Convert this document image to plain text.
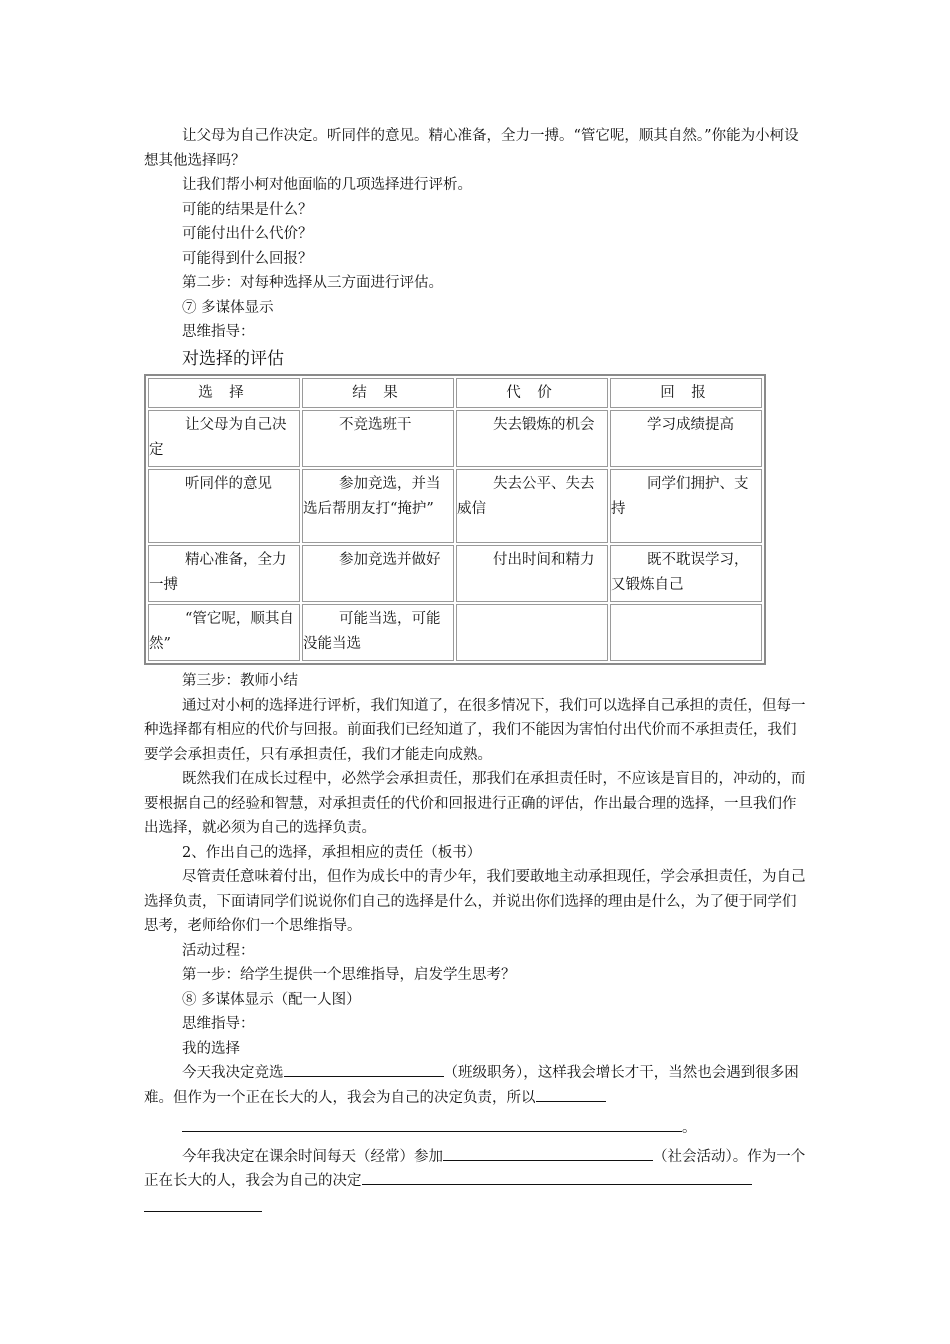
让父母为自己作决定。听同伴的意见。精心准备，全力一搏。“管它呢，顺其自然。”你能为小柯设想其他选择吗？

让我们帮小柯对他面临的几项选择进行评析。

可能的结果是什么？

可能付出什么代价？

可能得到什么回报？

第二步：对每种选择从三方面进行评估。

⑦ 多谋体显示

思维指导：

对选择的评估
选 择	结 果	代 价	回 报
让父母为自己决定	不竞选班干	失去锻炼的机会	学习成绩提高
听同伴的意见	参加竞选，并当选后帮朋友打“掩护”	失去公平、失去威信	同学们拥护、支持
精心准备，全力一搏	参加竞选并做好	付出时间和精力	既不耽误学习，又锻炼自己
“管它呢，顺其自然”	可能当选，可能没能当选		

第三步：教师小结

通过对小柯的选择进行评析，我们知道了，在很多情况下，我们可以选择自己承担的责任，但每一种选择都有相应的代价与回报。前面我们已经知道了，我们不能因为害怕付出代价而不承担责任，我们要学会承担责任，只有承担责任，我们才能走向成熟。

既然我们在成长过程中，必然学会承担责任，那我们在承担责任时，不应该是盲目的，冲动的，而要根据自己的经验和智慧，对承担责任的代价和回报进行正确的评估，作出最合理的选择，一旦我们作出选择，就必须为自己的选择负责。

2、作出自己的选择，承担相应的责任（板书）

尽管责任意味着付出，但作为成长中的青少年，我们要敢地主动承担现任，学会承担责任，为自己选择负责，下面请同学们说说你们自己的选择是什么，并说出你们选择的理由是什么，为了便于同学们思考，老师给你们一个思维指导。

活动过程：

第一步：给学生提供一个思维指导，启发学生思考？

⑧ 多谋体显示（配一人图）

思维指导：

我的选择

今天我决定竞选	（班级职务），这样我会增长才干，当然也会遇到很多困难。但作为一个正在长大的人，我会为自己的决定负责，所以

。

今年我决定在课余时间每天（经常）参加	（社会活动）。作为一个正在长大的人，我会为自己的决定
